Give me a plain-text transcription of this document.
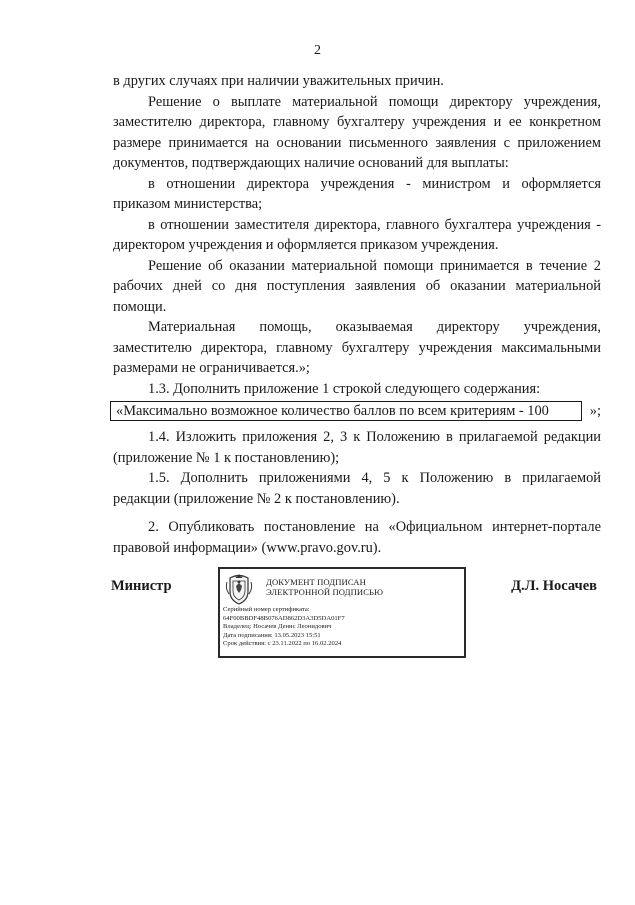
2

в других случаях при наличии уважительных причин.

Решение о выплате материальной помощи директору учреждения, заместителю директора, главному бухгалтеру учреждения и ее конкретном размере принимается на основании письменного заявления с приложением документов, подтверждающих наличие оснований для выплаты:

в отношении директора учреждения - министром и оформляется приказом министерства;

в отношении заместителя директора, главного бухгалтера учреждения - директором учреждения и оформляется приказом учреждения.

Решение об оказании материальной помощи принимается в течение 2 рабочих дней со дня поступления заявления об оказании материальной помощи.

Материальная помощь, оказываемая директору учреждения, заместителю директора, главному бухгалтеру учреждения максимальными размерами не ограничивается.»;

1.3. Дополнить приложение 1 строкой следующего содержания:

«Максимально возможное количество баллов по всем критериям - 100	»;

1.4. Изложить приложения 2, 3 к Положению в прилагаемой редакции (приложение № 1 к постановлению);

1.5. Дополнить приложениями 4, 5 к Положению в прилагаемой редакции (приложение № 2 к постановлению).

2. Опубликовать постановление на «Официальном интернет-портале правовой информации» (www.pravo.gov.ru).

Министр	Д.Л. Носачев
ДОКУМЕНТ ПОДПИСАН
ЭЛЕКТРОННОЙ ПОДПИСЬЮ
Серийный номер сертификата:
64F00BBDF48B076AD862D3A3D5DA01F7
Владелец: Носачев Денис Леонидович
Дата подписания: 13.05.2023 15:51
Срок действия: с 23.11.2022 по 16.02.2024
